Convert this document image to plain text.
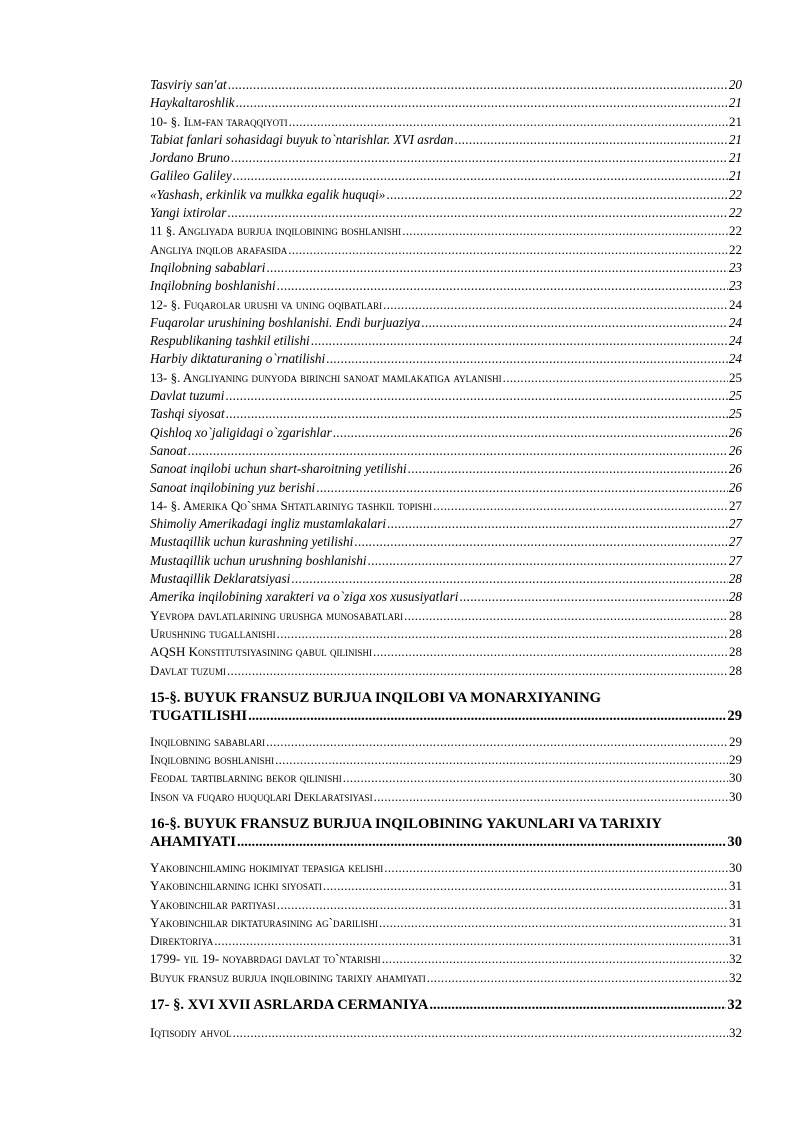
Tasviriy san'at .....	20
Haykaltaroshlik .....	21
10- §. Ilm-fan taraqqiyoti .....	21
Tabiat fanlari sohasidagi buyuk to`ntarishlar. XVI asrdan .....	21
Jordano Bruno .....	21
Galileo Galiley .....	21
«Yashash, erkinlik va mulkka egalik huquqi» .....	22
Yangi ixtirolar .....	22
11 §. Angliyada burjua inqilobining boshlanishi .....	22
Angliya inqilob arafasida .....	22
Inqilobning sabablari .....	23
Inqilobning boshlanishi .....	23
12- §. Fuqarolar urushi va uning oqibatlari .....	24
Fuqarolar urushining boshlanishi. Endi burjuaziya .....	24
Respublikaning tashkil etilishi .....	24
Harbiy diktaturaning o`rnatilishi .....	24
13- §. Angliyaning dunyoda birinchi sanoat mamlakatiga aylanishi .....	25
Davlat tuzumi .....	25
Tashqi siyosat .....	25
Qishloq xo`jaligidagi o`zgarishlar .....	26
Sanoat .....	26
Sanoat inqilobi uchun shart-sharoitning yetilishi .....	26
Sanoat inqilobining yuz berishi .....	26
14- §. Amerika Qo`shma Shtatlariniyg tashkil topishi .....	27
Shimoliy Amerikadagi ingliz mustamlakalari .....	27
Mustaqillik uchun kurashning yetilishi .....	27
Mustaqillik uchun urushning boshlanishi .....	27
Mustaqillik Deklaratsiyasi .....	28
Amerika inqilobining xarakteri va o`ziga xos xususiyatlari .....	28
Yevropa davlatlarining urushga munosabatlari .....	28
Urushning tugallanishi .....	28
AQSH Konstitutsiyasining qabul qilinishi .....	28
Davlat tuzumi .....	28
15-§. BUYUK FRANSUZ BURJUA INQILOBI VA MONARXIYANING
TUGATILISHI .....	29
Inqilobning sabablari .....	29
Inqilobning boshlanishi .....	29
Feodal tartiblarning bekor qilinishi .....	30
Inson va fuqaro huquqlari Deklaratsiyasi .....	30
16-§. BUYUK FRANSUZ BURJUA INQILOBINING YAKUNLARI VA TARIXIY
AHAMIYATI .....	30
Yakobinchilaming hokimiyat tepasiga kelishi .....	30
Yakobinchilarning ichki siyosati .....	31
Yakobinchilar partiyasi .....	31
Yakobinchilar diktaturasining ag`darilishi .....	31
Direktoriya .....	31
1799- yil 19- noyabrdagi davlat to`ntarishi .....	32
Buyuk fransuz burjua inqilobining tarixiy ahamiyati .....	32
17- §. XVI XVII ASRLARDA CERMANIYA .....	32
Iqtisodiy ahvol .....	32
